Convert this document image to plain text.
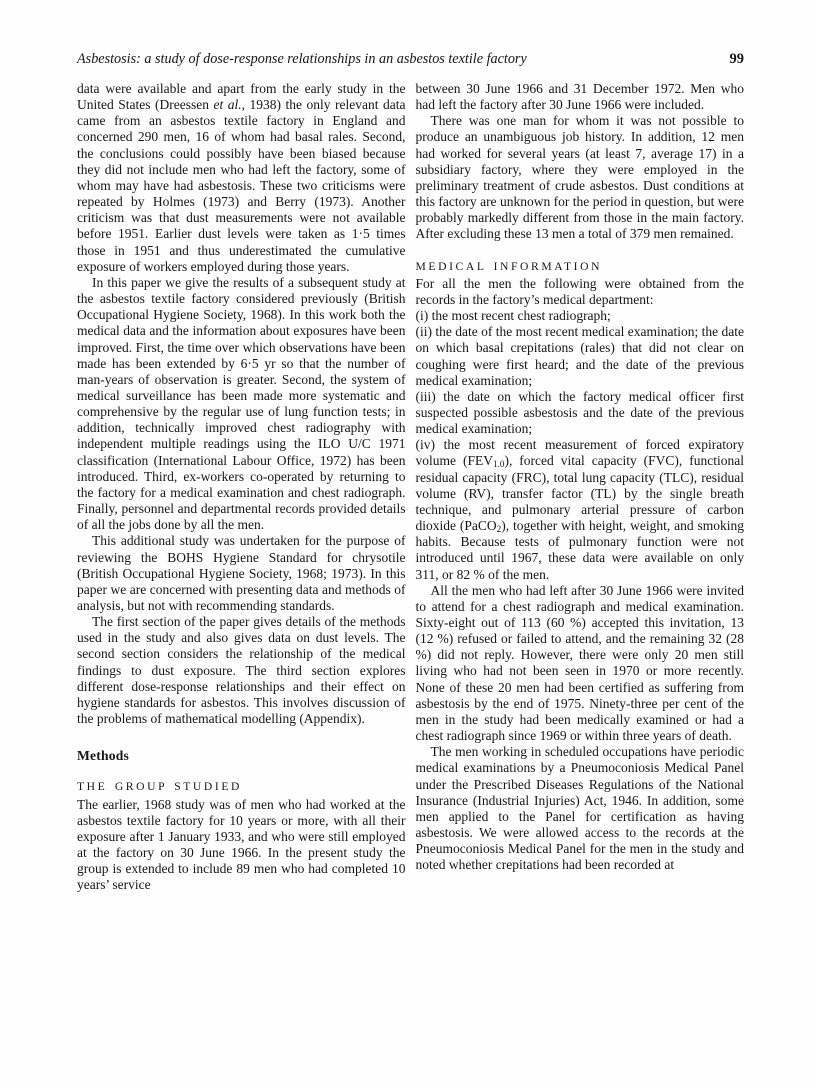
Asbestosis: a study of dose-response relationships in an asbestos textile factory	99

data were available and apart from the early study in the United States (Dreessen et al., 1938) the only relevant data came from an asbestos textile factory in England and concerned 290 men, 16 of whom had basal rales. Second, the conclusions could possibly have been biased because they did not include men who had left the factory, some of whom may have had asbestosis. These two criticisms were repeated by Holmes (1973) and Berry (1973). Another criticism was that dust measurements were not available before 1951. Earlier dust levels were taken as 1·5 times those in 1951 and thus underestimated the cumulative exposure of workers employed during those years.

In this paper we give the results of a subsequent study at the asbestos textile factory considered previously (British Occupational Hygiene Society, 1968). In this work both the medical data and the information about exposures have been improved. First, the time over which observations have been made has been extended by 6·5 yr so that the number of man-years of observation is greater. Second, the system of medical surveillance has been made more systematic and comprehensive by the regular use of lung function tests; in addition, technically improved chest radiography with independent multiple readings using the ILO U/C 1971 classification (International Labour Office, 1972) has been introduced. Third, ex-workers co-operated by returning to the factory for a medical examination and chest radiograph. Finally, personnel and departmental records provided details of all the jobs done by all the men.

This additional study was undertaken for the purpose of reviewing the BOHS Hygiene Standard for chrysotile (British Occupational Hygiene Society, 1968; 1973). In this paper we are concerned with presenting data and methods of analysis, but not with recommending standards.

The first section of the paper gives details of the methods used in the study and also gives data on dust levels. The second section considers the relationship of the medical findings to dust exposure. The third section explores different dose-response relationships and their effect on hygiene standards for asbestos. This involves discussion of the problems of mathematical modelling (Appendix).

Methods
THE GROUP STUDIED

The earlier, 1968 study was of men who had worked at the asbestos textile factory for 10 years or more, with all their exposure after 1 January 1933, and who were still employed at the factory on 30 June 1966. In the present study the group is extended to include 89 men who had completed 10 years’ service

between 30 June 1966 and 31 December 1972. Men who had left the factory after 30 June 1966 were included.

There was one man for whom it was not possible to produce an unambiguous job history. In addition, 12 men had worked for several years (at least 7, average 17) in a subsidiary factory, where they were employed in the preliminary treatment of crude asbestos. Dust conditions at this factory are unknown for the period in question, but were probably markedly different from those in the main factory. After excluding these 13 men a total of 379 men remained.

MEDICAL INFORMATION

For all the men the following were obtained from the records in the factory’s medical department:

(i) the most recent chest radiograph;

(ii) the date of the most recent medical examination; the date on which basal crepitations (rales) that did not clear on coughing were first heard; and the date of the previous medical examination;

(iii) the date on which the factory medical officer first suspected possible asbestosis and the date of the previous medical examination;

(iv) the most recent measurement of forced expiratory volume $(FEV_{1.0})$, forced vital capacity (FVC), functional residual capacity (FRC), total lung capacity (TLC), residual volume (RV), transfer factor (TL) by the single breath technique, and pulmonary arterial pressure of carbon dioxide (PaCO$_2$), together with height, weight, and smoking habits. Because tests of pulmonary function were not introduced until 1967, these data were available on only 311, or 82 % of the men.

All the men who had left after 30 June 1966 were invited to attend for a chest radiograph and medical examination. Sixty-eight out of 113 (60 %) accepted this invitation, 13 (12 %) refused or failed to attend, and the remaining 32 (28 %) did not reply. However, there were only 20 men still living who had not been seen in 1970 or more recently. None of these 20 men had been certified as suffering from asbestosis by the end of 1975. Ninety-three per cent of the men in the study had been medically examined or had a chest radiograph since 1969 or within three years of death.

The men working in scheduled occupations have periodic medical examinations by a Pneumoconiosis Medical Panel under the Prescribed Diseases Regulations of the National Insurance (Industrial Injuries) Act, 1946. In addition, some men applied to the Panel for certification as having asbestosis. We were allowed access to the records at the Pneumoconiosis Medical Panel for the men in the study and noted whether crepitations had been recorded at
